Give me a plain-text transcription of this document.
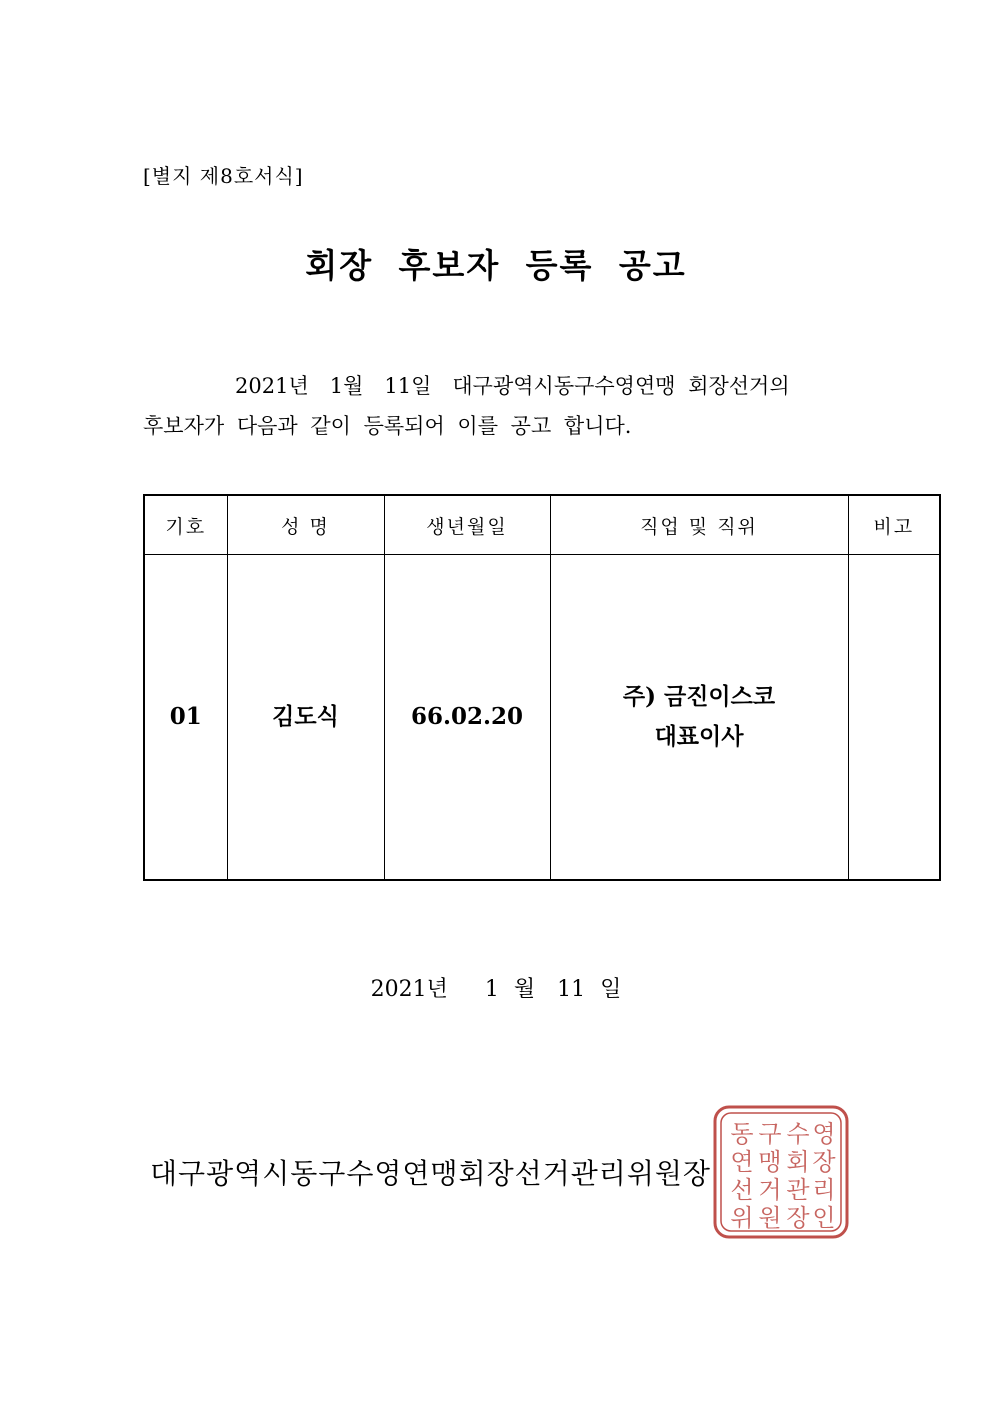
[별지 제8호서식]
회장 후보자 등록 공고
2021년　1월　11일　대구광역시동구수영연맹 회장선거의
후보자가 다음과 같이 등록되어 이를 공고 합니다.
기호	성 명	생년월일	직업 및 직위	비고
01	김도식	66.02.20	주) 금진이스코
대표이사	

2021년　 1 월　11 일
대구광역시동구수영연맹회장선거관리위원장
동 구 수 영
연 맹 회 장
선 거 관 리
위 원 장 인
